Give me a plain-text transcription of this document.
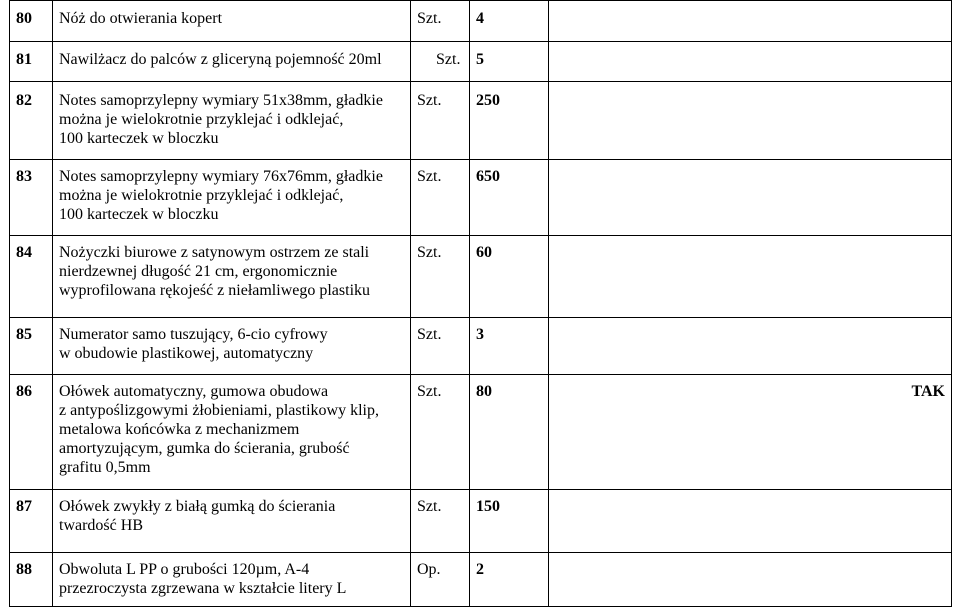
80	Nóż do otwierania kopert	Szt.	4	
81	Nawilżacz do palców z gliceryną pojemność 20ml	Szt.	5	
82	Notes samoprzylepny wymiary 51x38mm, gładkie
można je wielokrotnie przyklejać i odklejać,
100 karteczek w bloczku	Szt.	250	
83	Notes samoprzylepny wymiary 76x76mm, gładkie
można je wielokrotnie przyklejać i odklejać,
100 karteczek w bloczku	Szt.	650	
84	Nożyczki biurowe z satynowym ostrzem ze stali
nierdzewnej długość 21 cm, ergonomicznie
wyprofilowana rękojeść z niełamliwego plastiku	Szt.	60	
85	Numerator samo tuszujący, 6-cio cyfrowy
w obudowie plastikowej, automatyczny	Szt.	3	
86	Ołówek automatyczny, gumowa obudowa
z antypoślizgowymi żłobieniami, plastikowy klip,
metalowa końcówka z mechanizmem
amortyzującym, gumka do ścierania, grubość
grafitu 0,5mm	Szt.	80	TAK
87	Ołówek zwykły z białą gumką do ścierania
twardość HB	Szt.	150	
88	Obwoluta L PP o grubości 120µm, A-4
przezroczysta zgrzewana w kształcie litery L	Op.	2	
